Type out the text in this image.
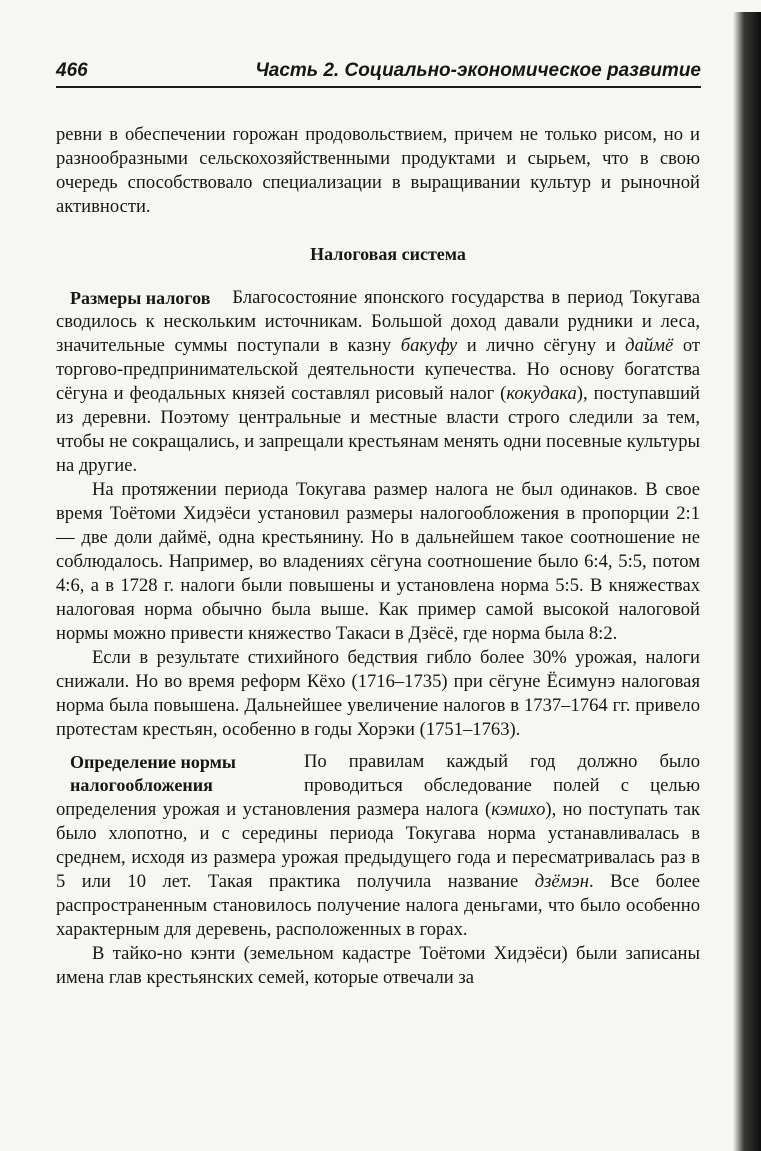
466	Часть 2. Социально-экономическое развитие

ревни в обеспечении горожан продовольствием, причем не только рисом, но и разнообразными сельскохозяйственными продуктами и сырьем, что в свою очередь способствовало специализации в выращивании культур и рыночной активности.

Налоговая система

Размеры налогов Благосостояние японского государства в период Токугава сводилось к нескольким источникам. Большой доход давали рудники и леса, значительные суммы поступали в казну бакуфу и лично сёгуну и даймё от торгово-предпринимательской деятельности купечества. Но основу богатства сёгуна и феодальных князей составлял рисовый налог (кокудака), поступавший из деревни. Поэтому центральные и местные власти строго следили за тем, чтобы не сокращались, и запрещали крестьянам менять одни посевные культуры на другие.

На протяжении периода Токугава размер налога не был одинаков. В свое время Тоётоми Хидэёси установил размеры налогообложения в пропорции 2:1 — две доли даймё, одна крестьянину. Но в дальнейшем такое соотношение не соблюдалось. Например, во владениях сёгуна соотношение было 6:4, 5:5, потом 4:6, а в 1728 г. налоги были повышены и установлена норма 5:5. В княжествах налоговая норма обычно была выше. Как пример самой высокой налоговой нормы можно привести княжество Такаси в Дзёсё, где норма была 8:2.

Если в результате стихийного бедствия гибло более 30% урожая, налоги снижали. Но во время реформ Кёхо (1716–1735) при сёгуне Ёсимунэ налоговая норма была повышена. Дальнейшее увеличение налогов в 1737–1764 гг. привело протестам крестьян, особенно в годы Хорэки (1751–1763).

Определение нормы налогообложения
По правилам каждый год должно было проводиться обследование полей с целью определения урожая и установления размера налога (кэмихо), но поступать так было хлопотно, и с середины периода Токугава норма устанавливалась в среднем, исходя из размера урожая предыдущего года и пересматривалась раз в 5 или 10 лет. Такая практика получила название дзёмэн. Все более распространенным становилось получение налога деньгами, что было особенно характерным для деревень, расположенных в горах.

В тайко-но кэнти (земельном кадастре Тоётоми Хидэёси) были записаны имена глав крестьянских семей, которые отвечали за
